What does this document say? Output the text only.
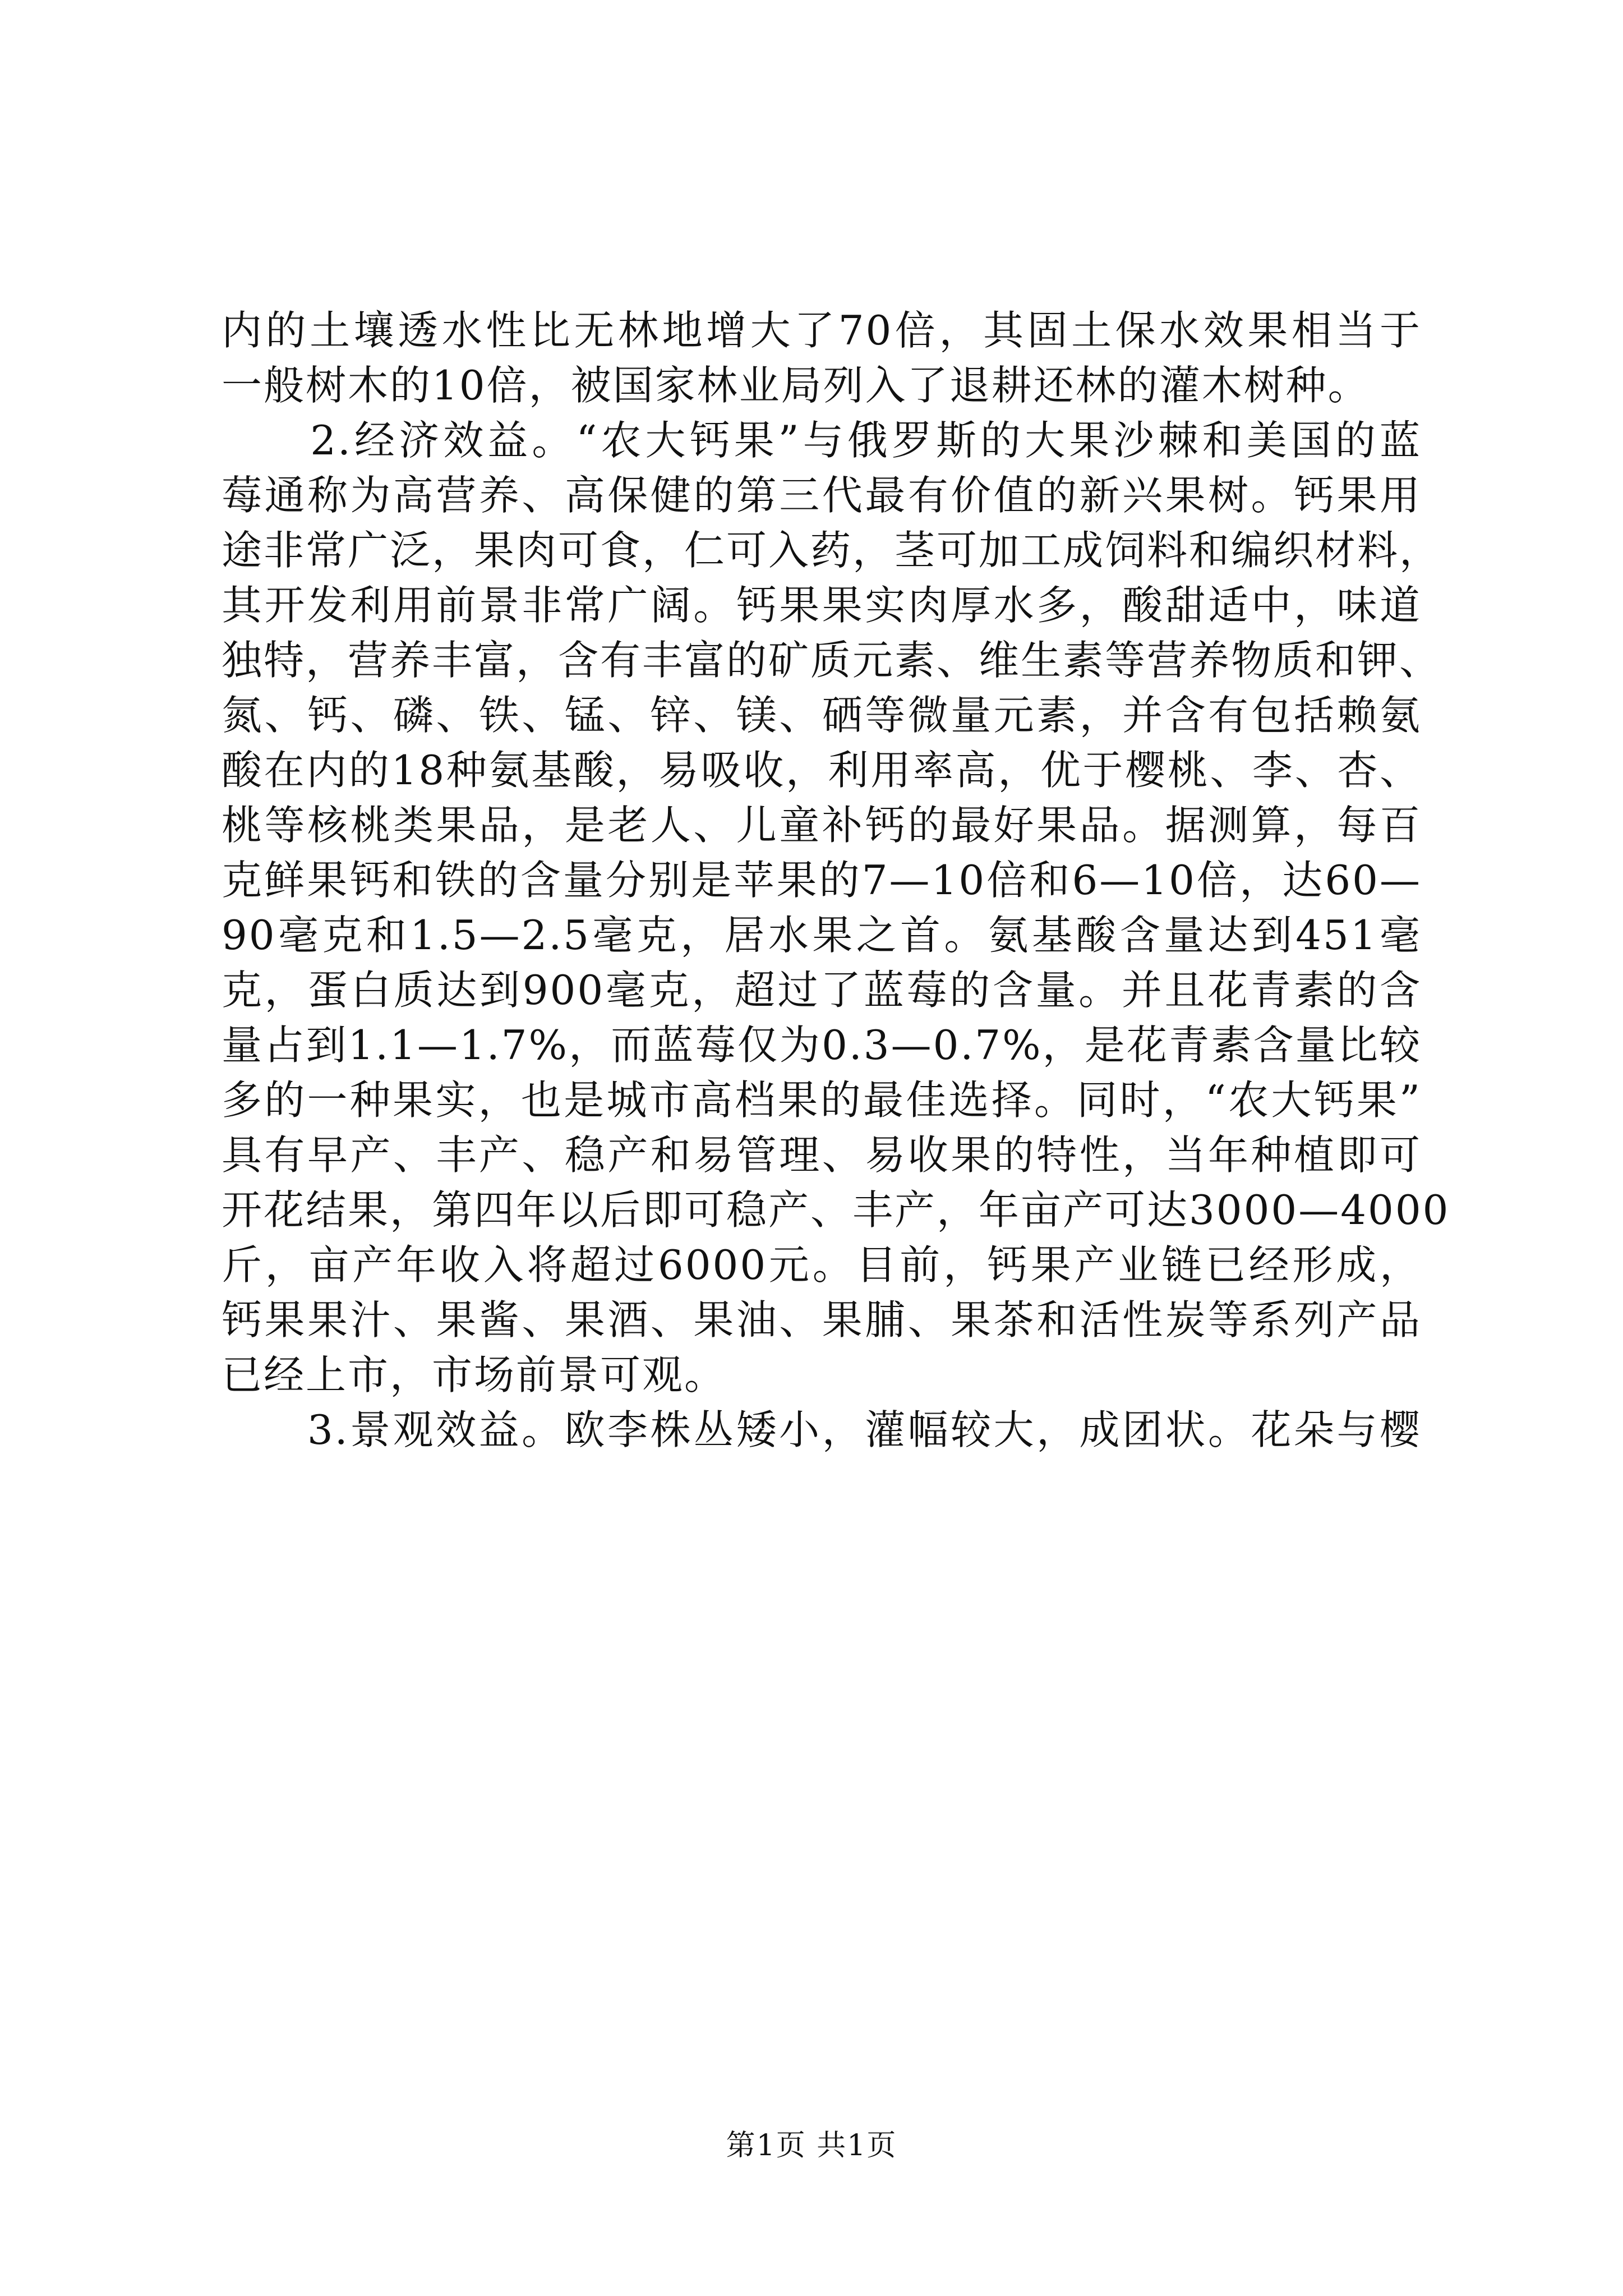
内的土壤透水性比无林地增大了70倍，其固土保水效果相当于
一般树木的10倍，被国家林业局列入了退耕还林的灌木树种。

　　2.经济效益。“农大钙果”与俄罗斯的大果沙棘和美国的蓝
莓通称为高营养、高保健的第三代最有价值的新兴果树。钙果用
途非常广泛，果肉可食，仁可入药，茎可加工成饲料和编织材料，
其开发利用前景非常广阔。钙果果实肉厚水多，酸甜适中，味道
独特，营养丰富，含有丰富的矿质元素、维生素等营养物质和钾、
氮、钙、磷、铁、锰、锌、镁、硒等微量元素，并含有包括赖氨
酸在内的18种氨基酸，易吸收，利用率高，优于樱桃、李、杏、
桃等核桃类果品，是老人、儿童补钙的最好果品。据测算，每百
克鲜果钙和铁的含量分别是苹果的7—10倍和6—10倍，达60—
90毫克和1.5—2.5毫克，居水果之首。氨基酸含量达到451毫
克，蛋白质达到900毫克，超过了蓝莓的含量。并且花青素的含
量占到1.1—1.7%，而蓝莓仅为0.3—0.7%，是花青素含量比较
多的一种果实，也是城市高档果的最佳选择。同时，“农大钙果”
具有早产、丰产、稳产和易管理、易收果的特性，当年种植即可
开花结果，第四年以后即可稳产、丰产，年亩产可达3000—4000
斤，亩产年收入将超过6000元。目前，钙果产业链已经形成，
钙果果汁、果酱、果酒、果油、果脯、果茶和活性炭等系列产品
已经上市，市场前景可观。

　　3.景观效益。欧李株丛矮小，灌幅较大，成团状。花朵与樱

第1页 共1页
